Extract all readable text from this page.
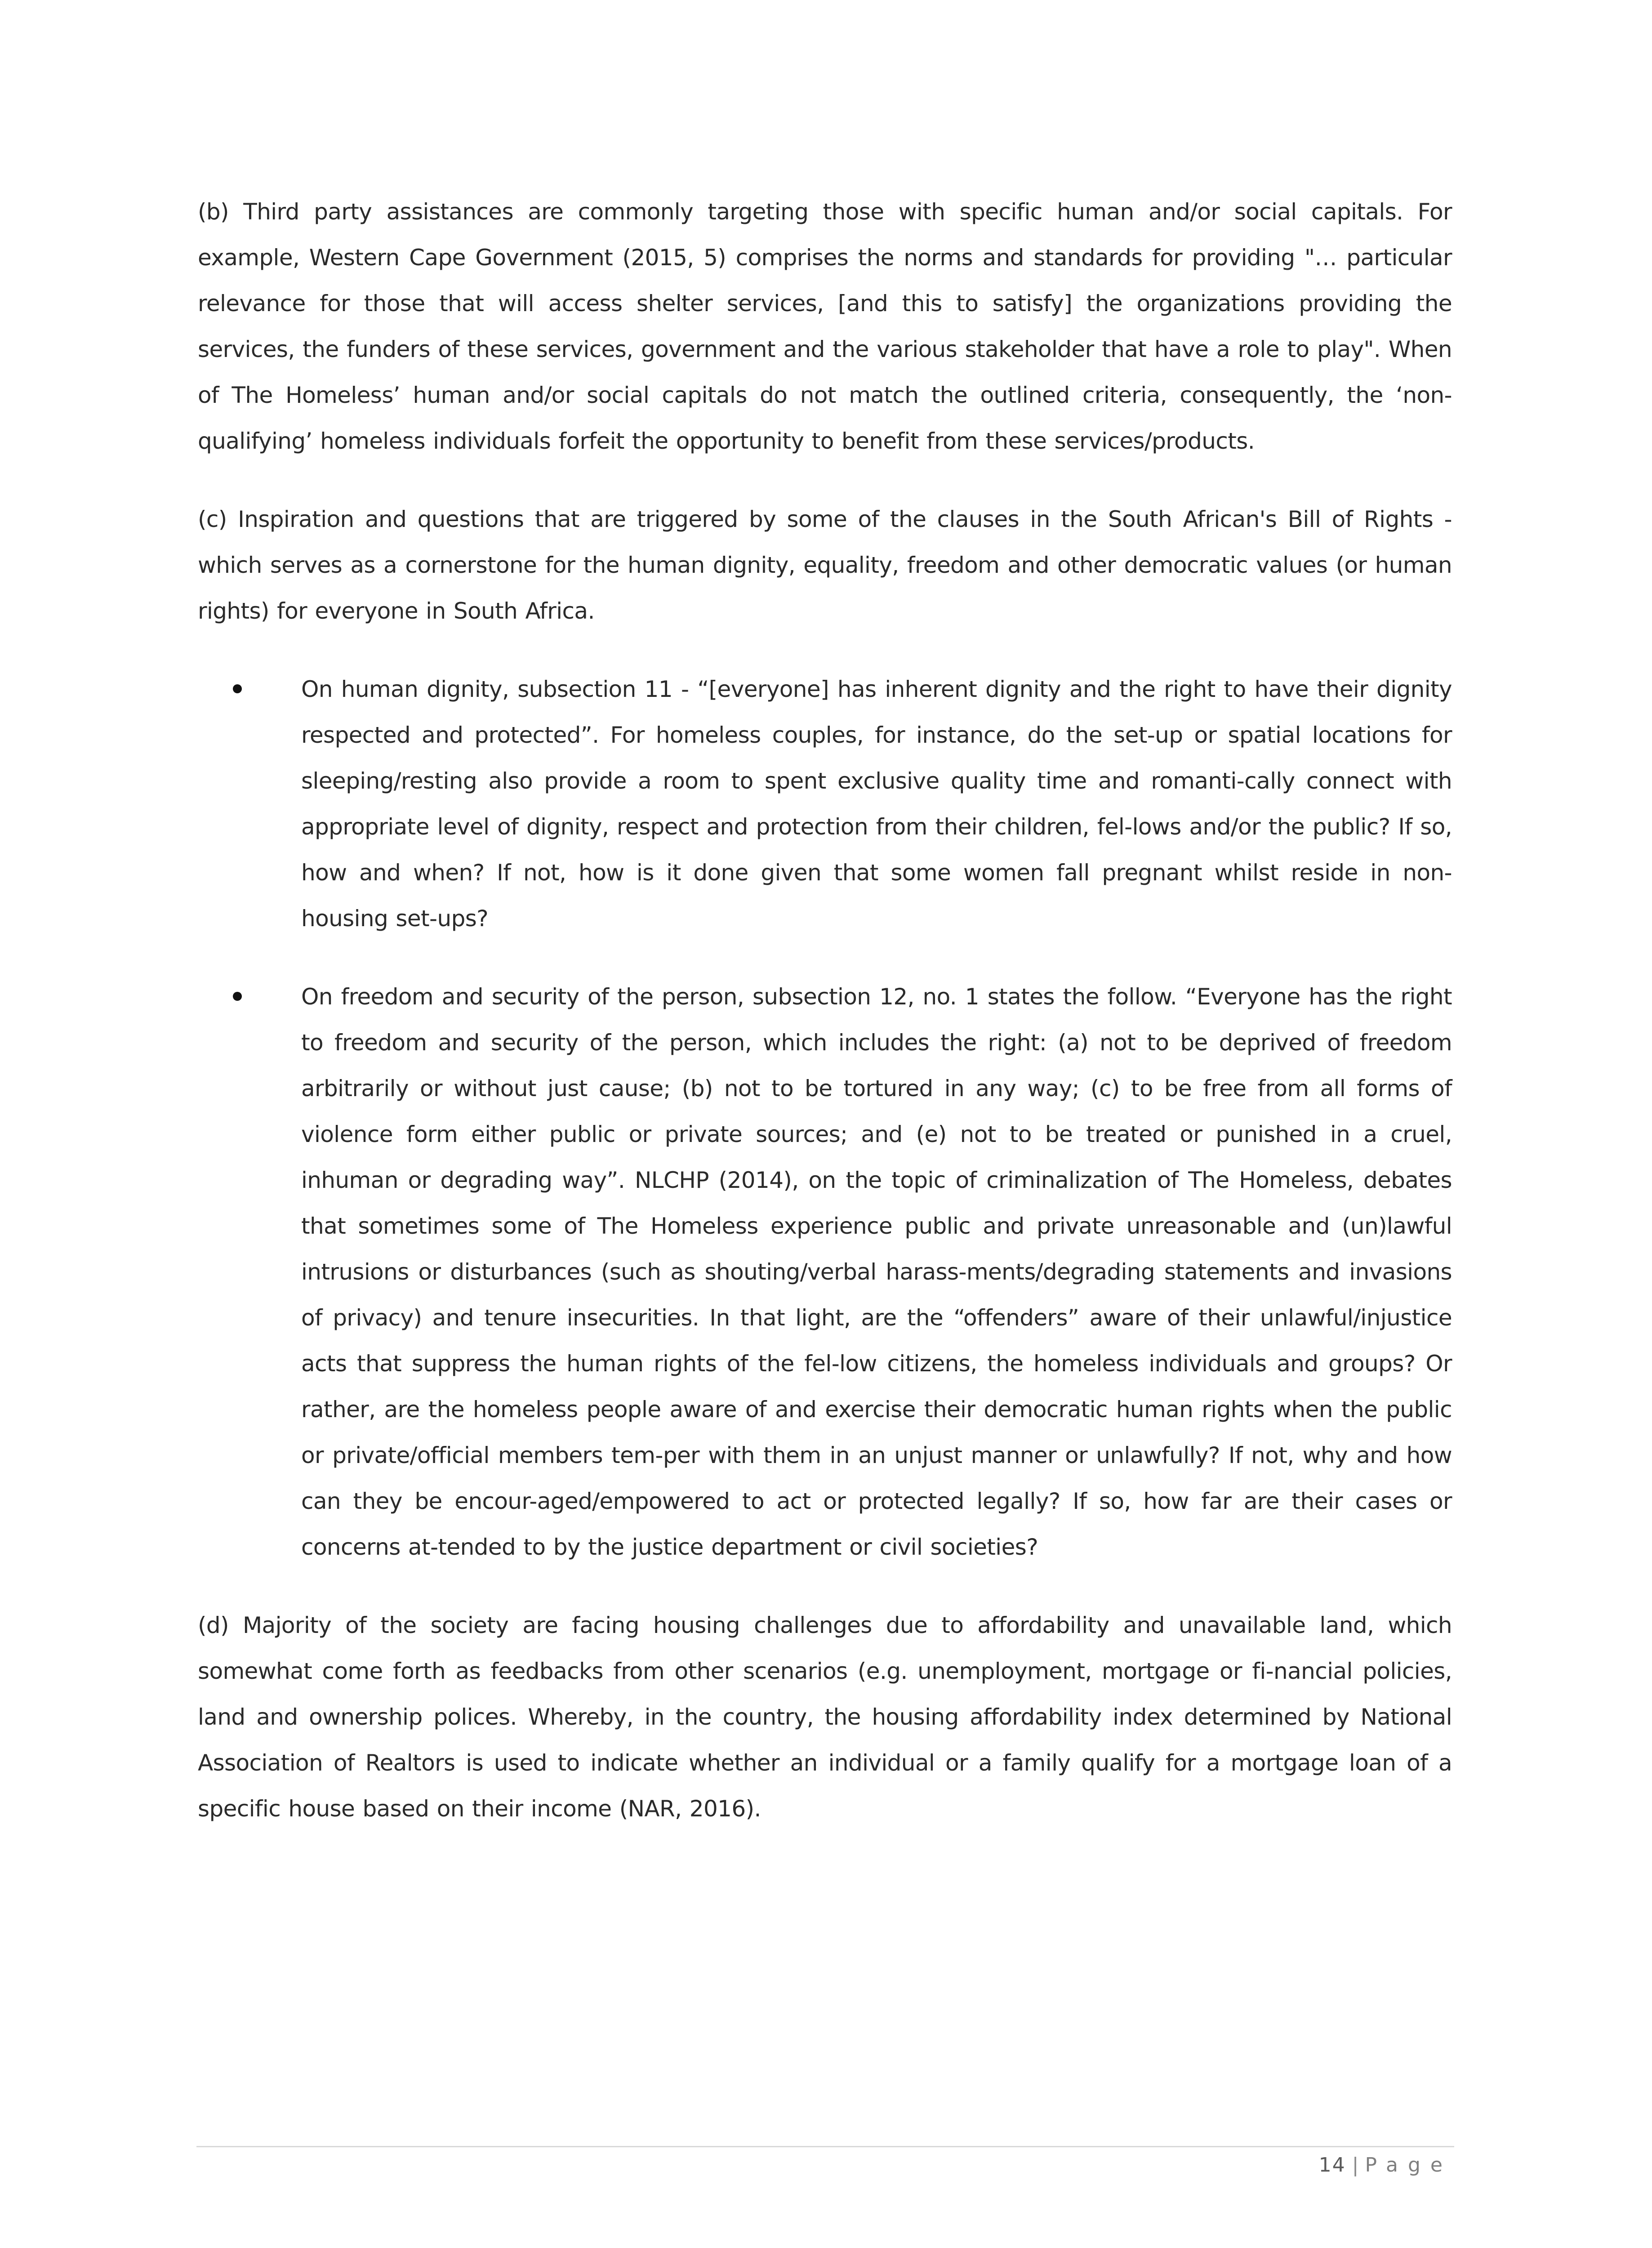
(b) Third party assistances are commonly targeting those with specific human and/or social capitals. For example, Western Cape Government (2015, 5) comprises the norms and standards for providing "… particular relevance for those that will access shelter services, [and this to satisfy] the organizations providing the services, the funders of these services, government and the various stakeholder that have a role to play". When of The Homeless’ human and/or social capitals do not match the outlined criteria, consequently, the ‘non-qualifying’ homeless individuals forfeit the opportunity to benefit from these services/products.

(c) Inspiration and questions that are triggered by some of the clauses in the South African's Bill of Rights - which serves as a cornerstone for the human dignity, equality, freedom and other democratic values (or human rights) for everyone in South Africa.

On human dignity, subsection 11 - “[everyone] has inherent dignity and the right to have their dignity respected and protected”. For homeless couples, for instance, do the set-up or spatial locations for sleeping/resting also provide a room to spent exclusive quality time and romanti-cally connect with appropriate level of dignity, respect and protection from their children, fel-lows and/or the public? If so, how and when? If not, how is it done given that some women fall pregnant whilst reside in non-housing set-ups?
On freedom and security of the person, subsection 12, no. 1 states the follow. “Everyone has the right to freedom and security of the person, which includes the right: (a) not to be deprived of freedom arbitrarily or without just cause; (b) not to be tortured in any way; (c) to be free from all forms of violence form either public or private sources; and (e) not to be treated or punished in a cruel, inhuman or degrading way”. NLCHP (2014), on the topic of criminalization of The Homeless, debates that sometimes some of The Homeless experience public and private unreasonable and (un)lawful intrusions or disturbances (such as shouting/verbal harass-ments/degrading statements and invasions of privacy) and tenure insecurities. In that light, are the “offenders” aware of their unlawful/injustice acts that suppress the human rights of the fel-low citizens, the homeless individuals and groups? Or rather, are the homeless people aware of and exercise their democratic human rights when the public or private/official members tem-per with them in an unjust manner or unlawfully? If not, why and how can they be encour-aged/empowered to act or protected legally? If so, how far are their cases or concerns at-tended to by the justice department or civil societies?

(d) Majority of the society are facing housing challenges due to affordability and unavailable land, which somewhat come forth as feedbacks from other scenarios (e.g. unemployment, mortgage or fi-nancial policies, land and ownership polices. Whereby, in the country, the housing affordability index determined by National Association of Realtors is used to indicate whether an individual or a family qualify for a mortgage loan of a specific house based on their income (NAR, 2016).

14 | Page
